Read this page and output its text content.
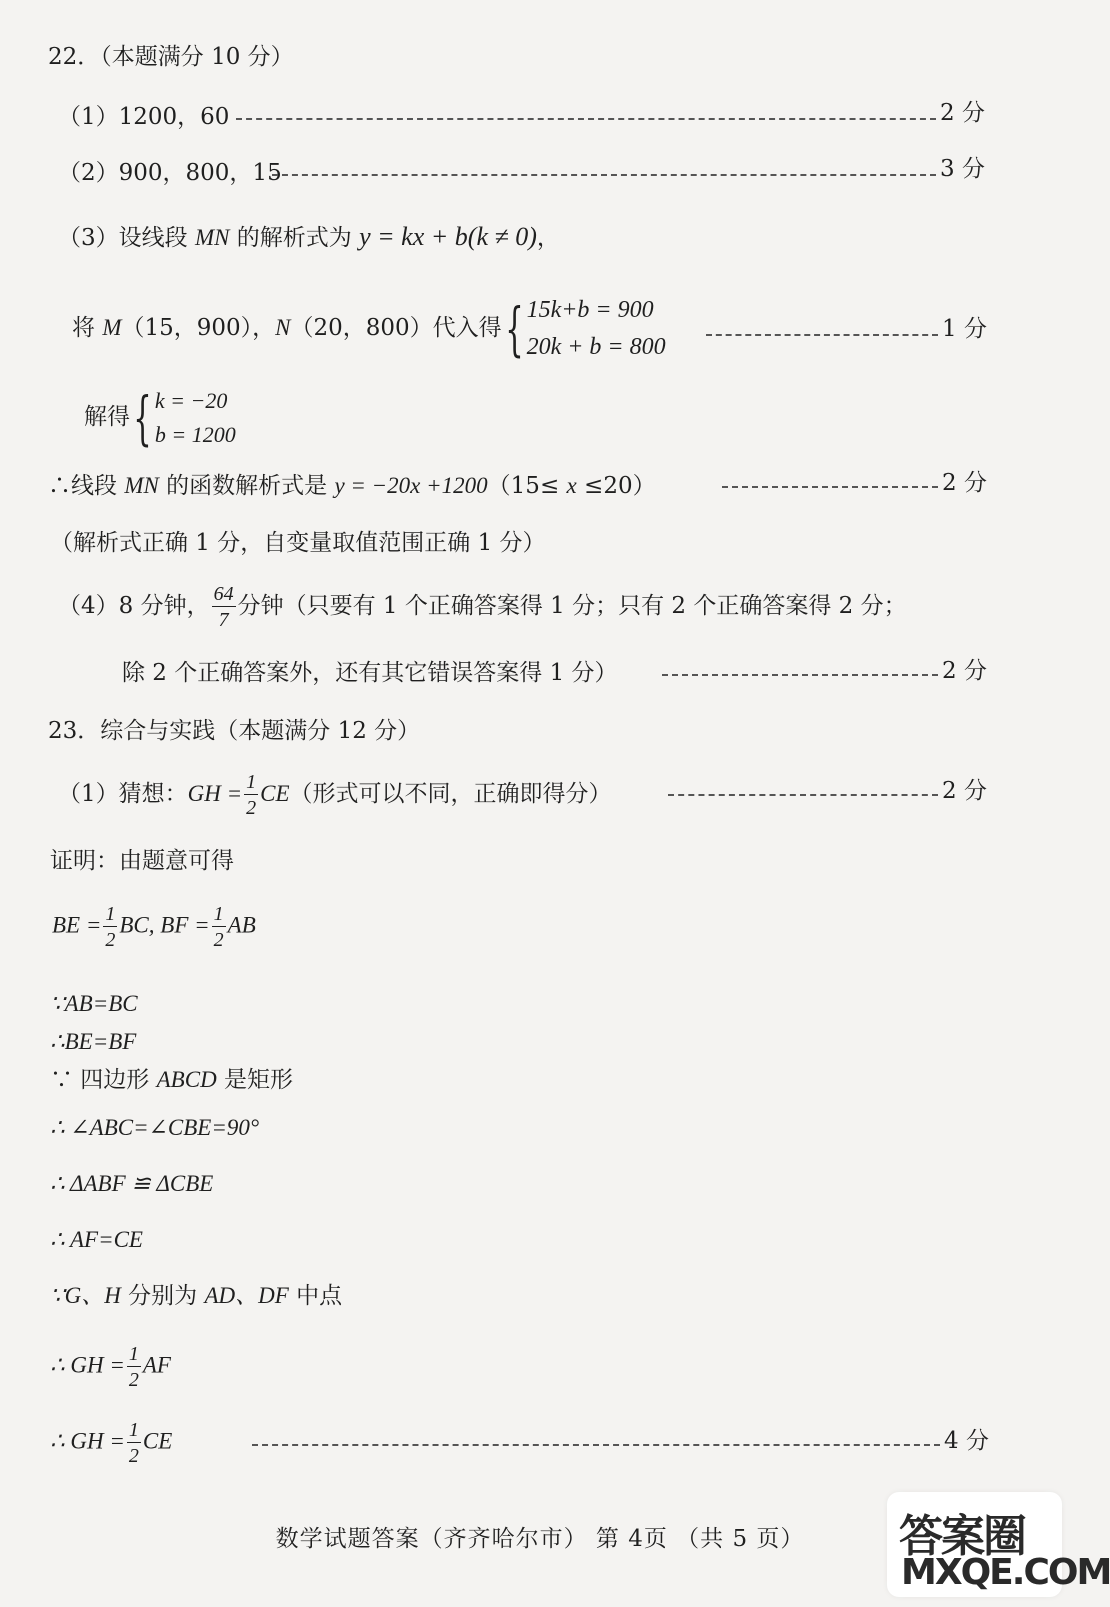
22．（本题满分 10 分）
（1）1200，60	2 分
（2）900，800，15	3 分
（3）设线段 MN 的解析式为 y = kx + b(k ≠ 0)，
将 M（15，900），N（20，800）代入得{ 15k+b = 900
20k + b = 800
1 分
解得{ k = −20
b = 1200
∴线段 MN 的函数解析式是 y = −20x +1200（15≤ x ≤20）	2 分
（解析式正确 1 分，自变量取值范围正确 1 分）
（4）8 分钟， $\frac{64}{7}$ 分钟（只要有 1 个正确答案得 1 分；只有 2 个正确答案得 2 分；
除 2 个正确答案外，还有其它错误答案得 1 分）	2 分
23．综合与实践（本题满分 12 分）
（1）猜想：GH = $\frac{1}{2} CE$（形式可以不同，正确即得分）	2 分
证明：由题意可得
BE = $\frac{1}{2}$ BC, BF = $\frac{1}{2}$ AB
∵AB=BC
∴BE=BF
∵ 四边形 ABCD 是矩形
∴ ∠ABC=∠CBE=90°
∴ ΔABF ≌ ΔCBE
∴ AF=CE
∵G、H 分别为 AD、DF 中点
∴ GH = $\frac{1}{2}$ AF
∴ GH = $\frac{1}{2}$ CE	4 分
数学试题答案（齐齐哈尔市） 第 4页 （共 5 页）	答案圈
MXQE.COM
